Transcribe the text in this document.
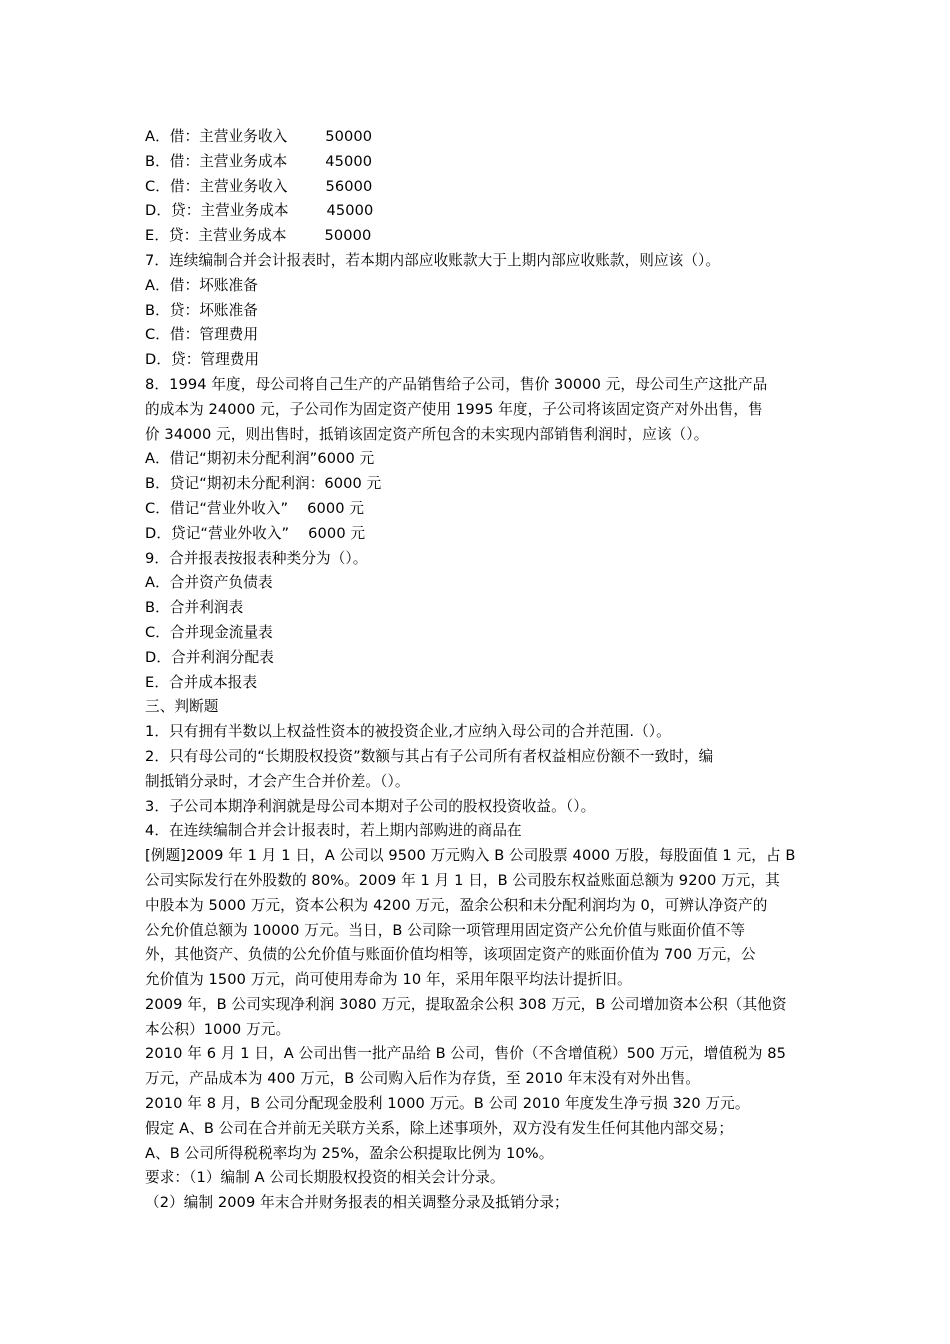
A．借：主营业务收入        50000
B．借：主营业务成本        45000
C．借：主营业务收入        56000
D．贷：主营业务成本        45000
E．贷：主营业务成本        50000
7．连续编制合并会计报表时，若本期内部应收账款大于上期内部应收账款，则应该（）。
A．借：坏账准备
B．贷：坏账准备
C．借：管理费用
D．贷：管理费用
8．1994 年度，母公司将自己生产的产品销售给子公司，售价 30000 元，母公司生产这批产品
的成本为 24000 元，子公司作为固定资产使用 1995 年度，子公司将该固定资产对外出售，售
价 34000 元，则出售时，抵销该固定资产所包含的未实现内部销售利润时，应该（）。
A．借记“期初未分配利润”6000 元
B．贷记“期初未分配利润：6000 元
C．借记“营业外收入”    6000 元
D．贷记“营业外收入”    6000 元
9．合并报表按报表种类分为（）。
A．合并资产负债表
B．合并利润表
C．合并现金流量表
D．合并利润分配表
E．合并成本报表
三、判断题
1．只有拥有半数以上权益性资本的被投资企业,才应纳入母公司的合并范围.（）。
2．只有母公司的“长期股权投资”数额与其占有子公司所有者权益相应份额不一致时，编
制抵销分录时，才会产生合并价差。（）。
3．子公司本期净利润就是母公司本期对子公司的股权投资收益。（）。
4．在连续编制合并会计报表时，若上期内部购进的商品在
[例题]2009 年 1 月 1 日，A 公司以 9500 万元购入 B 公司股票 4000 万股，每股面值 1 元，占 B
公司实际发行在外股数的 80%。2009 年 1 月 1 日，B 公司股东权益账面总额为 9200 万元，其
中股本为 5000 万元，资本公积为 4200 万元，盈余公积和未分配利润均为 0，可辨认净资产的
公允价值总额为 10000 万元。当日，B 公司除一项管理用固定资产公允价值与账面价值不等
外，其他资产、负债的公允价值与账面价值均相等，该项固定资产的账面价值为 700 万元，公
允价值为 1500 万元，尚可使用寿命为 10 年，采用年限平均法计提折旧。
2009 年，B 公司实现净利润 3080 万元，提取盈余公积 308 万元，B 公司增加资本公积（其他资
本公积）1000 万元。
2010 年 6 月 1 日，A 公司出售一批产品给 B 公司，售价（不含增值税）500 万元，增值税为 85
万元，产品成本为 400 万元，B 公司购入后作为存货，至 2010 年末没有对外出售。
2010 年 8 月，B 公司分配现金股利 1000 万元。B 公司 2010 年度发生净亏损 320 万元。
假定 A、B 公司在合并前无关联方关系，除上述事项外，双方没有发生任何其他内部交易；
A、B 公司所得税税率均为 25%，盈余公积提取比例为 10%。
要求：（1）编制 A 公司长期股权投资的相关会计分录。
（2）编制 2009 年末合并财务报表的相关调整分录及抵销分录；
